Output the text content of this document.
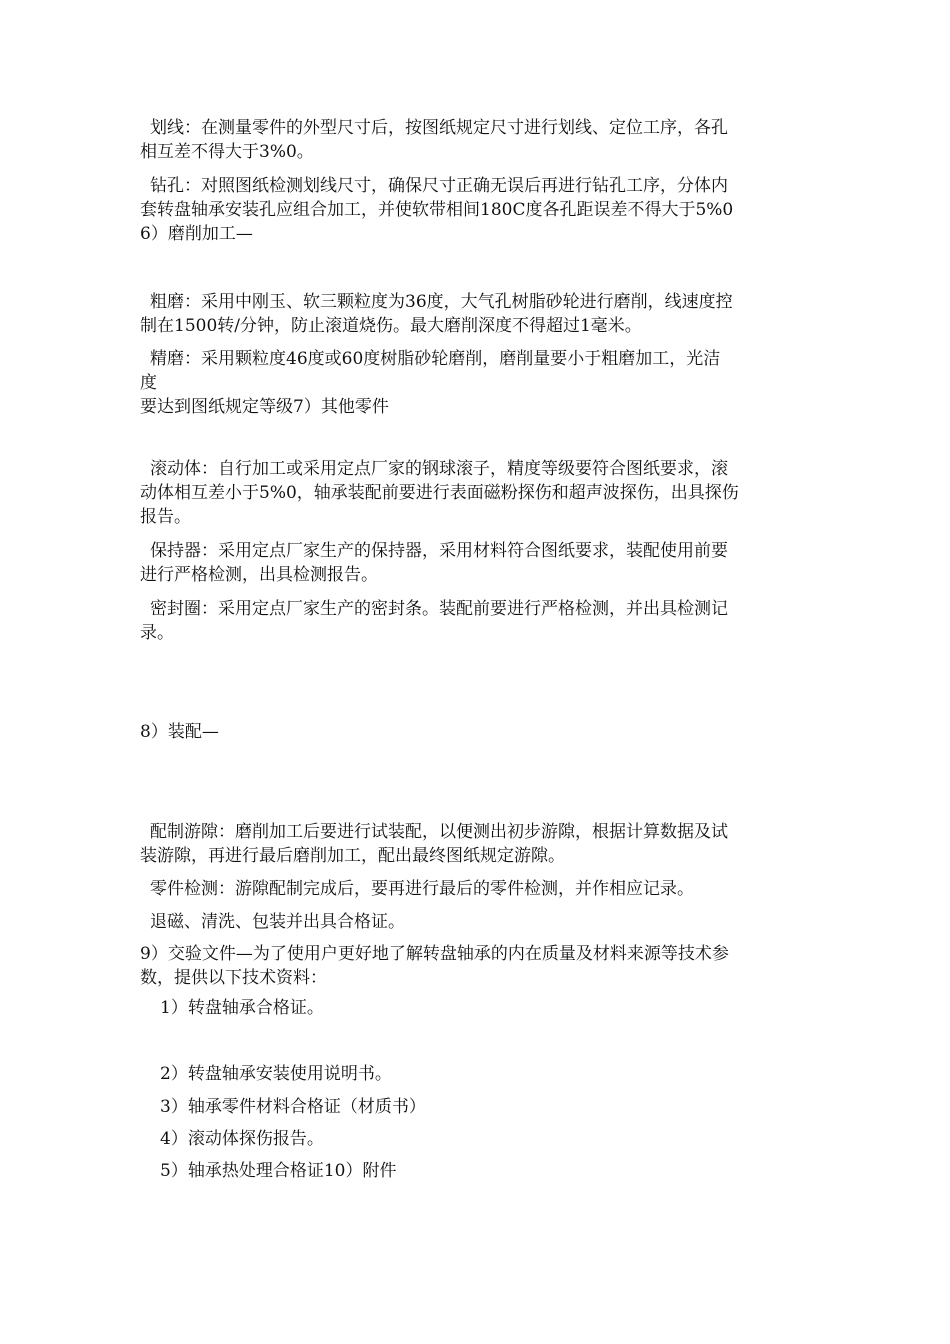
划线：在测量零件的外型尺寸后，按图纸规定尺寸进行划线、定位工序，各孔
相互差不得大于3%0。
钻孔：对照图纸检测划线尺寸，确保尺寸正确无误后再进行钻孔工序，分体内
套转盘轴承安装孔应组合加工，并使软带相间180C度各孔距误差不得大于5%0
6）磨削加工—
粗磨：采用中刚玉、软三颗粒度为36度，大气孔树脂砂轮进行磨削，线速度控
制在1500转/分钟，防止滚道烧伤。最大磨削深度不得超过1毫米。
精磨：采用颗粒度46度或60度树脂砂轮磨削，磨削量要小于粗磨加工，光洁
度
要达到图纸规定等级7）其他零件
滚动体：自行加工或采用定点厂家的钢球滚子，精度等级要符合图纸要求，滚
动体相互差小于5%0，轴承装配前要进行表面磁粉探伤和超声波探伤，出具探伤
报告。
保持器：采用定点厂家生产的保持器，采用材料符合图纸要求，装配使用前要
进行严格检测，出具检测报告。
密封圈：采用定点厂家生产的密封条。装配前要进行严格检测，并出具检测记
录。
8）装配—
配制游隙：磨削加工后要进行试装配，以便测出初步游隙，根据计算数据及试
装游隙，再进行最后磨削加工，配出最终图纸规定游隙。
零件检测：游隙配制完成后，要再进行最后的零件检测，并作相应记录。
退磁、清洗、包装并出具合格证。
9）交验文件—为了使用户更好地了解转盘轴承的内在质量及材料来源等技术参
数，提供以下技术资料：
1）转盘轴承合格证。
2）转盘轴承安装使用说明书。
3）轴承零件材料合格证（材质书）
4）滚动体探伤报告。
5）轴承热处理合格证10）附件
